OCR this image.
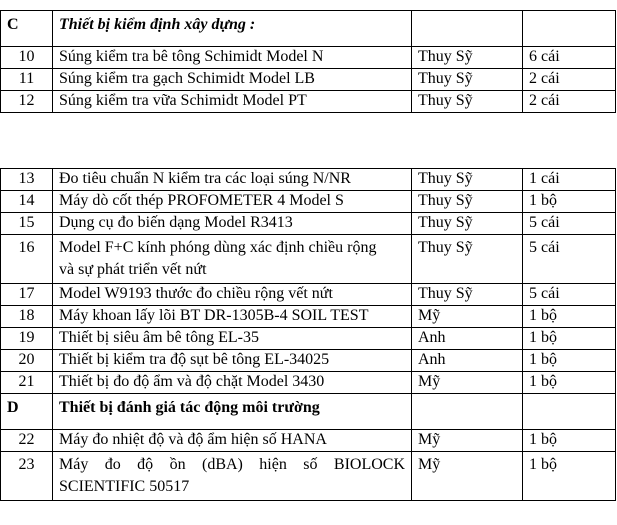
C	Thiết bị kiểm định xây dựng :		
10	Súng kiểm tra bê tông Schimidt Model N	Thuy Sỹ	6 cái
11	Súng kiểm tra gạch Schimidt Model LB	Thuy Sỹ	2 cái
12	Súng kiểm tra vữa Schimidt Model PT	Thuy Sỹ	2 cái
13	Đo tiêu chuẩn N kiểm tra các loại súng N/NR	Thuy Sỹ	1 cái
14	Máy dò cốt thép PROFOMETER 4 Model S	Thuy Sỹ	1 bộ
15	Dụng cụ đo biến dạng Model R3413	Thuy Sỹ	5 cái
16	Model F+C kính phóng dùng xác định chiều rộng
và sự phát triển vết nứt	Thuy Sỹ	5 cái
17	Model W9193 thước đo chiều rộng vết nứt	Thuy Sỹ	5 cái
18	Máy khoan lấy lõi BT DR-1305B-4 SOIL TEST	Mỹ	1 bộ
19	Thiết bị siêu âm bê tông EL-35	Anh	1 bộ
20	Thiết bị kiểm tra độ sụt bê tông EL-34025	Anh	1 bộ
21	Thiết bị đo độ ẩm và độ chặt Model 3430	Mỹ	1 bộ
D	Thiết bị đánh giá tác động môi trường		
22	Máy đo nhiệt độ và độ ẩm hiện số HANA	Mỹ	1 bộ
23	Máy đo độ ồn (dBA) hiện số BIOLOCK
SCIENTIFIC 50517	Mỹ	1 bộ
